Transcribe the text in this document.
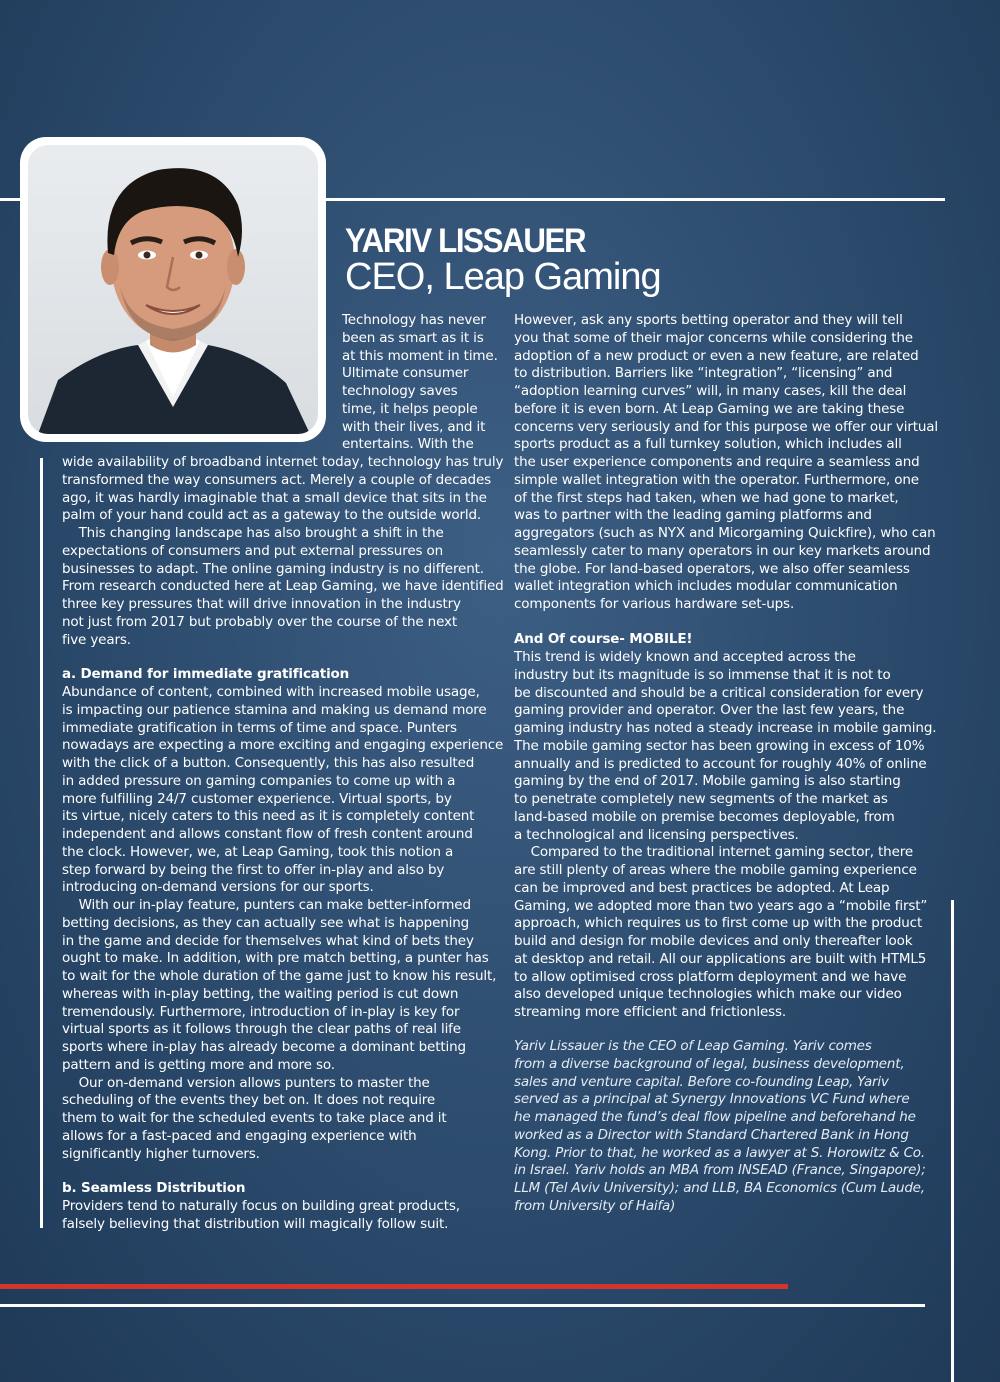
YARIV LISSAUER
CEO, Leap Gaming

Technology has never
been as smart as it is
at this moment in time.
Ultimate consumer
technology saves
time, it helps people
with their lives, and it
entertains. With the

wide availability of broadband internet today, technology has truly
transformed the way consumers act. Merely a couple of decades
ago, it was hardly imaginable that a small device that sits in the
palm of your hand could act as a gateway to the outside world.
This changing landscape has also brought a shift in the
expectations of consumers and put external pressures on
businesses to adapt. The online gaming industry is no different.
From research conducted here at Leap Gaming, we have identified
three key pressures that will drive innovation in the industry
not just from 2017 but probably over the course of the next
five years.

a. Demand for immediate gratification

Abundance of content, combined with increased mobile usage,
is impacting our patience stamina and making us demand more
immediate gratification in terms of time and space. Punters
nowadays are expecting a more exciting and engaging experience
with the click of a button. Consequently, this has also resulted
in added pressure on gaming companies to come up with a
more fulfilling 24/7 customer experience. Virtual sports, by
its virtue, nicely caters to this need as it is completely content
independent and allows constant flow of fresh content around
the clock. However, we, at Leap Gaming, took this notion a
step forward by being the first to offer in-play and also by
introducing on-demand versions for our sports.
With our in-play feature, punters can make better-informed
betting decisions, as they can actually see what is happening
in the game and decide for themselves what kind of bets they
ought to make. In addition, with pre match betting, a punter has
to wait for the whole duration of the game just to know his result,
whereas with in-play betting, the waiting period is cut down
tremendously. Furthermore, introduction of in-play is key for
virtual sports as it follows through the clear paths of real life
sports where in-play has already become a dominant betting
pattern and is getting more and more so.
Our on-demand version allows punters to master the
scheduling of the events they bet on. It does not require
them to wait for the scheduled events to take place and it
allows for a fast-paced and engaging experience with
significantly higher turnovers.

b. Seamless Distribution

Providers tend to naturally focus on building great products,
falsely believing that distribution will magically follow suit.

However, ask any sports betting operator and they will tell
you that some of their major concerns while considering the
adoption of a new product or even a new feature, are related
to distribution. Barriers like “integration”, “licensing” and
“adoption learning curves” will, in many cases, kill the deal
before it is even born. At Leap Gaming we are taking these
concerns very seriously and for this purpose we offer our virtual
sports product as a full turnkey solution, which includes all
the user experience components and require a seamless and
simple wallet integration with the operator. Furthermore, one
of the first steps had taken, when we had gone to market,
was to partner with the leading gaming platforms and
aggregators (such as NYX and Micorgaming Quickfire), who can
seamlessly cater to many operators in our key markets around
the globe. For land-based operators, we also offer seamless
wallet integration which includes modular communication
components for various hardware set-ups.

And Of course- MOBILE!

This trend is widely known and accepted across the
industry but its magnitude is so immense that it is not to
be discounted and should be a critical consideration for every
gaming provider and operator. Over the last few years, the
gaming industry has noted a steady increase in mobile gaming.
The mobile gaming sector has been growing in excess of 10%
annually and is predicted to account for roughly 40% of online
gaming by the end of 2017. Mobile gaming is also starting
to penetrate completely new segments of the market as
land-based mobile on premise becomes deployable, from
a technological and licensing perspectives.
Compared to the traditional internet gaming sector, there
are still plenty of areas where the mobile gaming experience
can be improved and best practices be adopted. At Leap
Gaming, we adopted more than two years ago a “mobile first”
approach, which requires us to first come up with the product
build and design for mobile devices and only thereafter look
at desktop and retail. All our applications are built with HTML5
to allow optimised cross platform deployment and we have
also developed unique technologies which make our video
streaming more efficient and frictionless.

Yariv Lissauer is the CEO of Leap Gaming. Yariv comes
from a diverse background of legal, business development,
sales and venture capital. Before co-founding Leap, Yariv
served as a principal at Synergy Innovations VC Fund where
he managed the fund’s deal flow pipeline and beforehand he
worked as a Director with Standard Chartered Bank in Hong
Kong. Prior to that, he worked as a lawyer at S. Horowitz & Co.
in Israel. Yariv holds an MBA from INSEAD (France, Singapore);
LLM (Tel Aviv University); and LLB, BA Economics (Cum Laude,
from University of Haifa)
